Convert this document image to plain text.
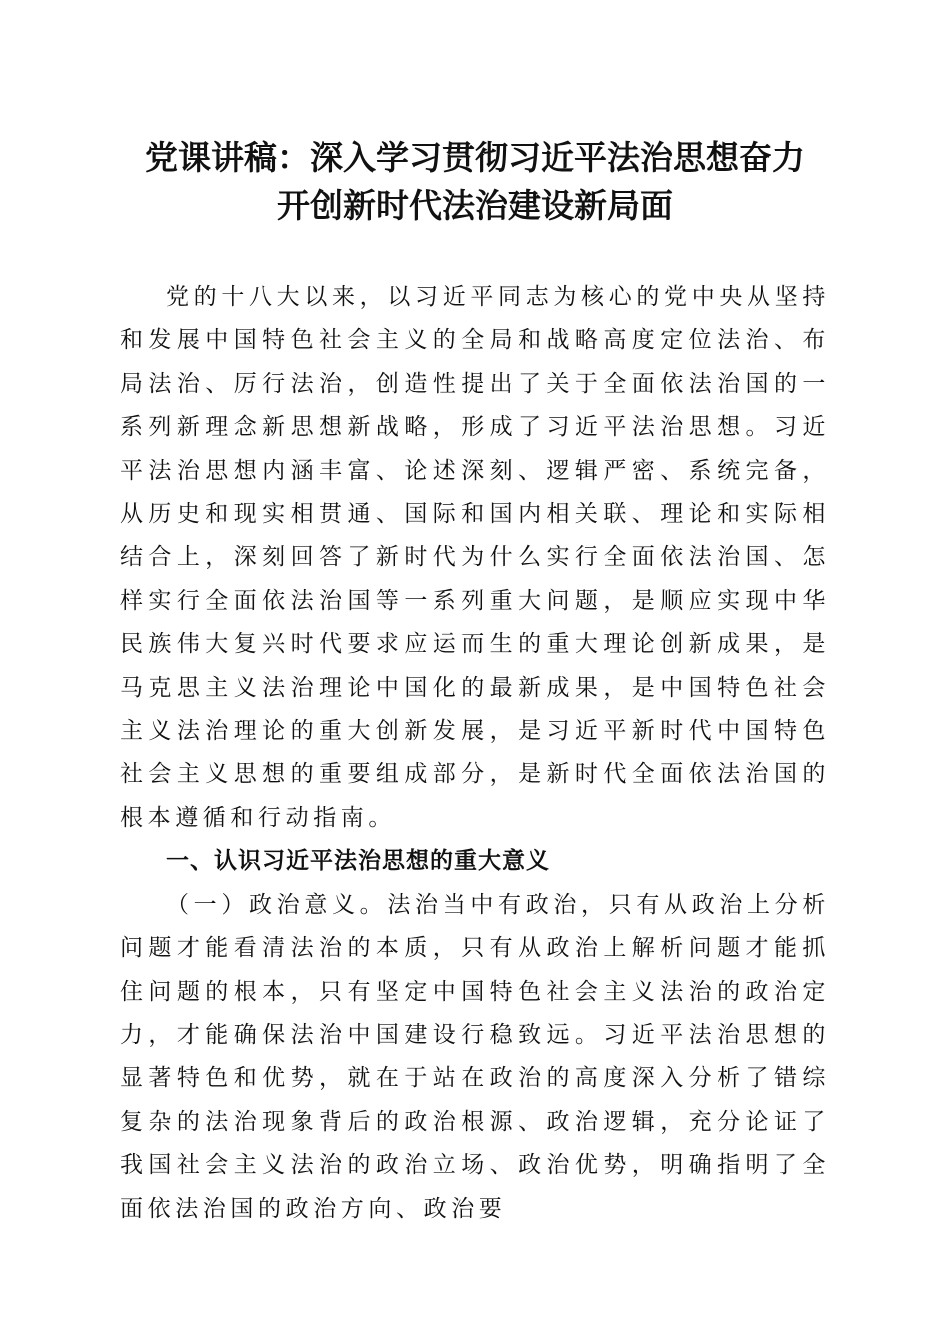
党课讲稿：深入学习贯彻习近平法治思想奋力
开创新时代法治建设新局面

党的十八大以来，以习近平同志为核心的党中央从坚持和发展中国特色社会主义的全局和战略高度定位法治、布局法治、厉行法治，创造性提出了关于全面依法治国的一系列新理念新思想新战略，形成了习近平法治思想。习近平法治思想内涵丰富、论述深刻、逻辑严密、系统完备，从历史和现实相贯通、国际和国内相关联、理论和实际相结合上，深刻回答了新时代为什么实行全面依法治国、怎样实行全面依法治国等一系列重大问题，是顺应实现中华民族伟大复兴时代要求应运而生的重大理论创新成果，是马克思主义法治理论中国化的最新成果，是中国特色社会主义法治理论的重大创新发展，是习近平新时代中国特色社会主义思想的重要组成部分，是新时代全面依法治国的根本遵循和行动指南。

一、认识习近平法治思想的重大意义

（一）政治意义。法治当中有政治，只有从政治上分析问题才能看清法治的本质，只有从政治上解析问题才能抓住问题的根本，只有坚定中国特色社会主义法治的政治定力，才能确保法治中国建设行稳致远。习近平法治思想的显著特色和优势，就在于站在政治的高度深入分析了错综复杂的法治现象背后的政治根源、政治逻辑，充分论证了我国社会主义法治的政治立场、政治优势，明确指明了全面依法治国的政治方向、政治要
